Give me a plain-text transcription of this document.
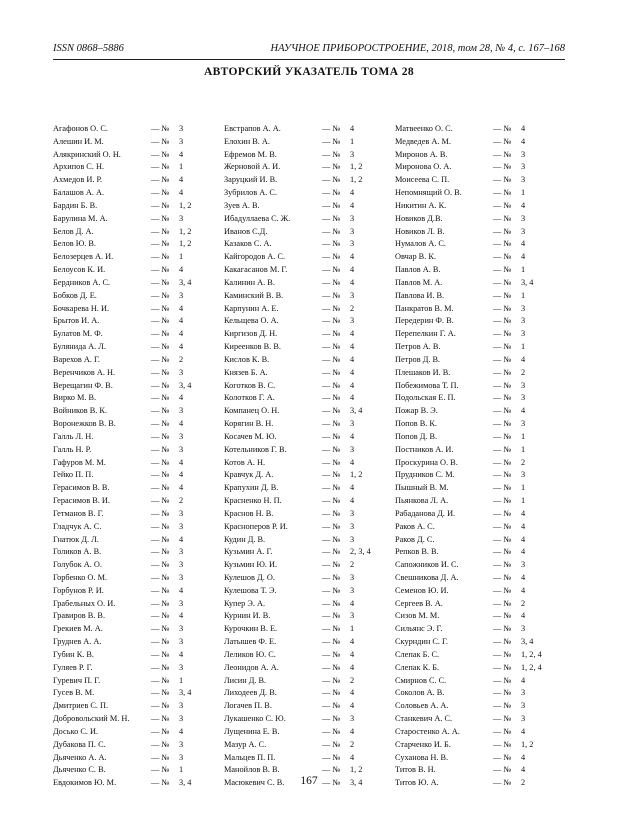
ISSN 0868–5886	НАУЧНОЕ ПРИБОРОСТРОЕНИЕ, 2018, том 28, № 4, с. 167–168
АВТОРСКИЙ УКАЗАТЕЛЬ ТОМА 28
Агафонов О. С.	— № 3
Алешин И. М.	— № 3
Алякринский О. Н.	— № 4
Архипов С. Н.	— № 1
Ахмедов И. Р.	— № 4
Балашов А. А.	— № 4
Бардин Б. В.	— № 1, 2
Барулина М. А.	— № 3
Белов Д. А.	— № 1, 2
Белов Ю. В.	— № 1, 2
Белозерцев А. И.	— № 1
Белоусов К. И.	— № 4
Бердников А. С.	— № 3, 4
Бобков Д. Е.	— № 3
Бочкарева Н. И.	— № 4
Брытов И. А.	— № 4
Булатов М. Ф.	— № 4
Булянида А. Л.	— № 4
Варехов А. Г.	— № 2
Веренчиков А. Н.	— № 3
Верещагин Ф. В.	— № 3, 4
Вирко М. В.	— № 4
Войников В. К.	— № 3
Воронежков В. В.	— № 4
Галль Л. Н.	— № 3
Галль Н. Р.	— № 3
Гафуров М. М.	— № 4
Гейко П. П.	— № 4
Герасимов В. В.	— № 4
Герасимов В. И.	— № 2
Гетманов В. Г.	— № 3
Гладчук А. С.	— № 3
Гнатюк Д. Л.	— № 4
Голиков А. В.	— № 3
Голубок А. О.	— № 3
Горбенко О. М.	— № 3
Горбунов Р. И.	— № 4
Грабельных О. И.	— № 3
Гравиров В. В.	— № 4
Грекиев М. А.	— № 3
Груднев А. А.	— № 3
Губин К. В.	— № 4
Гуляев Р. Г.	— № 3
Гуревич П. Г.	— № 1
Гусев В. М.	— № 3, 4
Дмитриев С. П.	— № 3
Добровольский М. Н.	— № 3
Досько С. И.	— № 4
Дубакова П. С.	— № 3
Дьяченко А. А.	— № 3
Дьяченко С. В.	— № 1
Евдокимов Ю. М.	— № 3, 4
Евстрапов А. А.	— № 4
Елохин В. А.	— № 1
Ефремов М. В.	— № 3
Жерновой А. И.	— № 1, 2
Заруцкий И. В.	— № 1, 2
Зубрилов А. С.	— № 4
Зуев А. В.	— № 4
Ибадуллаева С. Ж.	— № 3
Иванов С.Д.	— № 3
Казаков С. А.	— № 3
Кайгородов А. С.	— № 4
Какагасанов М. Г.	— № 4
Калинин А. В.	— № 4
Каминский В. В.	— № 3
Карпунин А. Е.	— № 2
Кельщева О. А.	— № 3
Киргизов Д. Н.	— № 4
Киреенков В. В.	— № 4
Кислов К. В.	— № 4
Князев Б. А.	— № 4
Коготков В. С.	— № 4
Колотков Г. А.	— № 4
Компанец О. Н.	— № 3, 4
Корягин В. Н.	— № 3
Косачев М. Ю.	— № 4
Котельников Г. В.	— № 3
Котов А. Н.	— № 4
Кравчук Д. А.	— № 1, 2
Крапухин Д. В.	— № 4
Красненко Н. П.	— № 4
Краснов Н. В.	— № 3
Красноперов Р. И.	— № 3
Кудин Д. В.	— № 3
Кузьмин А. Г.	— № 2, 3, 4
Кузьмин Ю. И.	— № 2
Кулешов Д. О.	— № 3
Кулешова Т. Э.	— № 3
Купер Э. А.	— № 4
Курнин И. В.	— № 3
Курочкин В. Е.	— № 1
Латышев Ф. Е.	— № 4
Леликов Ю. С.	— № 4
Леонидов А. А.	— № 4
Лисин Д. В.	— № 2
Лиходеев Д. В.	— № 4
Логачев П. В.	— № 4
Лукашенко С. Ю.	— № 3
Лущенина Е. В.	— № 4
Мазур А. С.	— № 2
Мальцев П. П.	— № 4
Манойлов В. В.	— № 1, 2
Масюкевич С. В.	— № 3, 4
Матвеенко О. С.	— № 4
Медведев А. М.	— № 4
Миронов А. В.	— № 3
Миронова О. А.	— № 3
Моисеева С. П.	— № 3
Непомнящий О. В.	— № 1
Никитин А. К.	— № 4
Новиков Д.В.	— № 3
Новиков Л. В.	— № 3
Нумалов А. С.	— № 4
Овчар В. К.	— № 4
Павлов А. В.	— № 1
Павлов М. А.	— № 3, 4
Павлова И. В.	— № 1
Панкратов В. М.	— № 3
Передерин Ф. В.	— № 3
Перепелкин Г. А.	— № 3
Петров А. В.	— № 1
Петров Д. В.	— № 4
Плешаков И. В.	— № 2
Побежимова Т. П.	— № 3
Подольская Е. П.	— № 3
Пожар В. Э.	— № 4
Попов В. К.	— № 3
Попов Д. В.	— № 1
Постников А. И.	— № 1
Проскурина О. В.	— № 2
Прудников С. М.	— № 3
Пышный В. М.	— № 1
Пьянкова Л. А.	— № 1
Рабаданова Д. И.	— № 4
Раков А. С.	— № 4
Раков Д. С.	— № 4
Репков В. В.	— № 4
Сапожников И. С.	— № 3
Свешникова Д. А.	— № 4
Семенов Ю. И.	— № 4
Сергеев В. А.	— № 2
Сизов М. М.	— № 4
Сильянс Э. Г.	— № 3
Скурндин С. Г.	— № 3, 4
Слепак Б. С.	— № 1, 2, 4
Слепак К. Б.	— № 1, 2, 4
Смирнов С. С.	— № 4
Соколов А. В.	— № 3
Соловьев А. А.	— № 3
Станкевич А. С.	— № 3
Старостенко А. А.	— № 4
Старченко И. Б.	— № 1, 2
Суханова Н. В.	— № 4
Титов В. Н.	— № 4
Титов Ю. А.	— № 2
167
